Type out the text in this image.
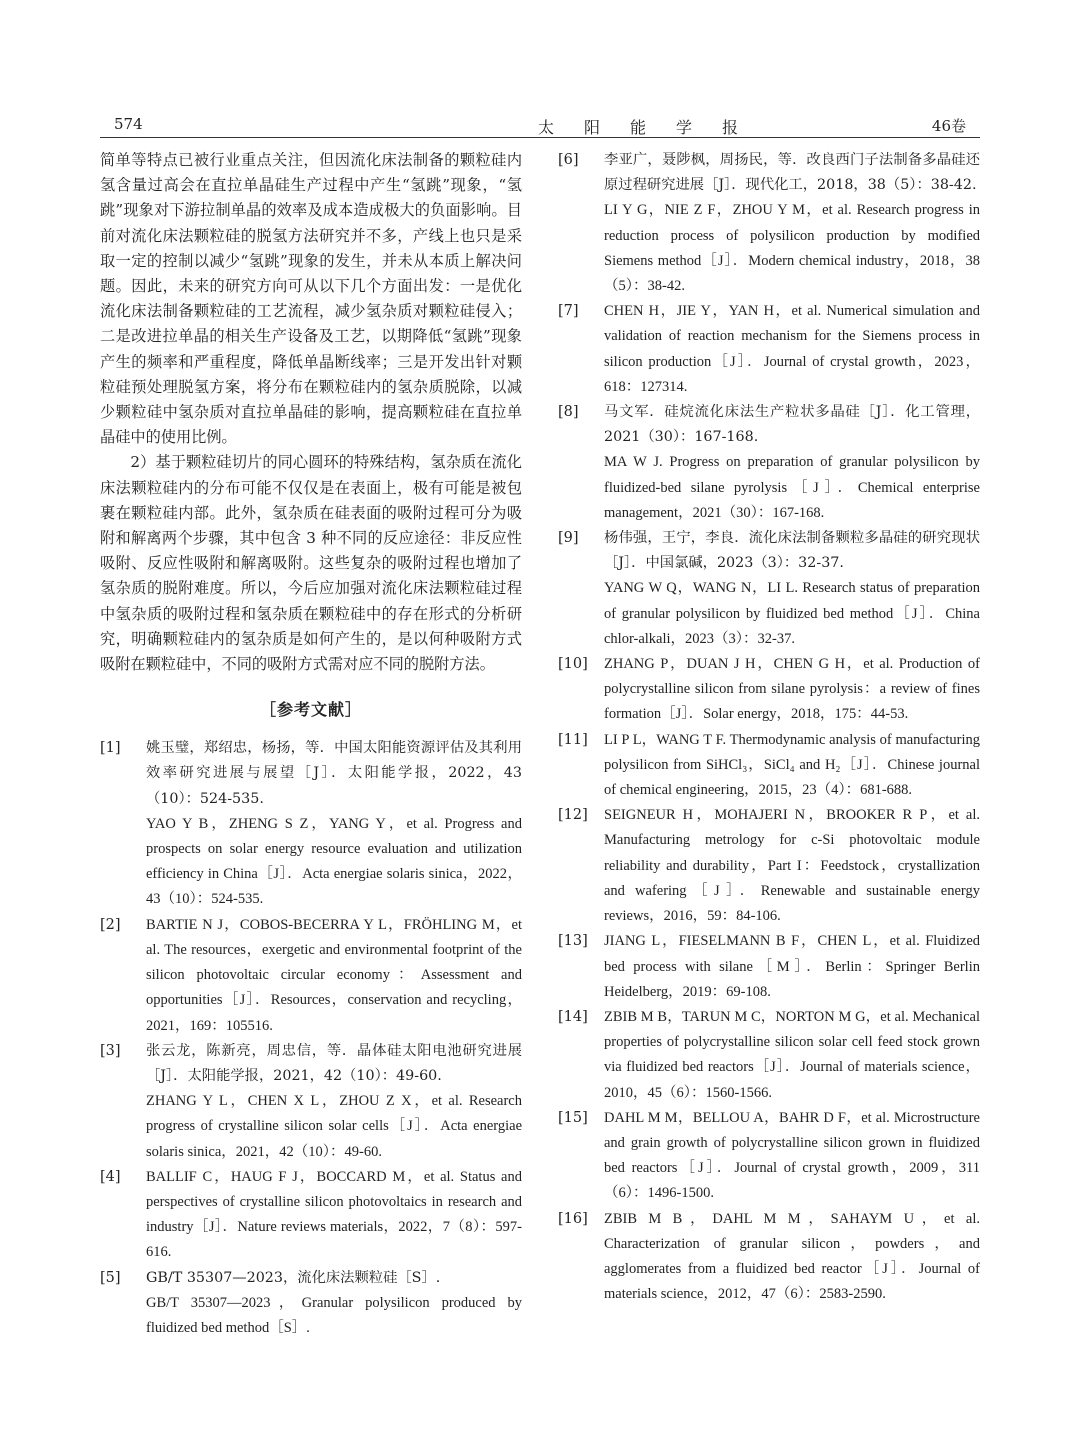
574	太阳能学报	46卷

简单等特点已被行业重点关注，但因流化床法制备的颗粒硅内氢含量过高会在直拉单晶硅生产过程中产生“氢跳”现象，“氢跳”现象对下游拉制单晶的效率及成本造成极大的负面影响。目前对流化床法颗粒硅的脱氢方法研究并不多，产线上也只是采取一定的控制以减少“氢跳”现象的发生，并未从本质上解决问题。因此，未来的研究方向可从以下几个方面出发：一是优化流化床法制备颗粒硅的工艺流程，减少氢杂质对颗粒硅侵入；二是改进拉单晶的相关生产设备及工艺，以期降低“氢跳”现象产生的频率和严重程度，降低单晶断线率；三是开发出针对颗粒硅预处理脱氢方案，将分布在颗粒硅内的氢杂质脱除，以减少颗粒硅中氢杂质对直拉单晶硅的影响，提高颗粒硅在直拉单晶硅中的使用比例。

2）基于颗粒硅切片的同心圆环的特殊结构，氢杂质在流化床法颗粒硅内的分布可能不仅仅是在表面上，极有可能是被包裹在颗粒硅内部。此外，氢杂质在硅表面的吸附过程可分为吸附和解离两个步骤，其中包含 3 种不同的反应途径：非反应性吸附、反应性吸附和解离吸附。这些复杂的吸附过程也增加了氢杂质的脱附难度。所以，今后应加强对流化床法颗粒硅过程中氢杂质的吸附过程和氢杂质在颗粒硅中的存在形式的分析研究，明确颗粒硅内的氢杂质是如何产生的，是以何种吸附方式吸附在颗粒硅中，不同的吸附方式需对应不同的脱附方法。

［参考文献］
[1] 姚玉璧，郑绍忠，杨扬，等．中国太阳能资源评估及其利用效率研究进展与展望［J］．太阳能学报，2022，43（10）：524-535.

YAO Y B，ZHENG S Z，YANG Y，et al. Progress and prospects on solar energy resource evaluation and utilization efficiency in China［J］．Acta energiae solaris sinica，2022，43（10）：524-535.

[2] BARTIE N J，COBOS-BECERRA Y L，FRÖHLING M，et al. The resources，exergetic and environmental footprint of the silicon photovoltaic circular economy：Assessment and opportunities［J］．Resources，conservation and recycling，2021，169：105516.

[3] 张云龙，陈新亮，周忠信，等．晶体硅太阳电池研究进展［J］．太阳能学报，2021，42（10）：49-60.

ZHANG Y L，CHEN X L，ZHOU Z X，et al. Research progress of crystalline silicon solar cells［J］．Acta energiae solaris sinica，2021，42（10）：49-60.

[4] BALLIF C，HAUG F J，BOCCARD M，et al. Status and perspectives of crystalline silicon photovoltaics in research and industry［J］．Nature reviews materials，2022，7（8）：597-616.

[5] GB/T 35307—2023，流化床法颗粒硅［S］.

GB/T 35307—2023，Granular polysilicon produced by fluidized bed method［S］.

[6] 李亚广，聂陟枫，周扬民，等．改良西门子法制备多晶硅还原过程研究进展［J］．现代化工，2018，38（5）：38-42.

LI Y G，NIE Z F，ZHOU Y M，et al. Research progress in reduction process of polysilicon production by modified Siemens method［J］．Modern chemical industry，2018，38（5）：38-42.

[7] CHEN H，JIE Y，YAN H，et al. Numerical simulation and validation of reaction mechanism for the Siemens process in silicon production［J］．Journal of crystal growth，2023，618：127314.

[8] 马文军．硅烷流化床法生产粒状多晶硅［J］．化工管理，2021（30）：167-168.

MA W J. Progress on preparation of granular polysilicon by fluidized-bed silane pyrolysis［J］．Chemical enterprise management，2021（30）：167-168.

[9] 杨伟强，王宁，李良．流化床法制备颗粒多晶硅的研究现状［J］．中国氯碱，2023（3）：32-37.

YANG W Q，WANG N，LI L. Research status of preparation of granular polysilicon by fluidized bed method［J］．China chlor-alkali，2023（3）：32-37.

[10] ZHANG P，DUAN J H，CHEN G H，et al. Production of polycrystalline silicon from silane pyrolysis：a review of fines formation［J］．Solar energy，2018，175：44-53.

[11] LI P L，WANG T F. Thermodynamic analysis of manufacturing polysilicon from SiHCl₃，SiCl₄ and H₂［J］．Chinese journal of chemical engineering，2015，23（4）：681-688.

[12] SEIGNEUR H，MOHAJERI N，BROOKER R P，et al. Manufacturing metrology for c-Si photovoltaic module reliability and durability，Part I：Feedstock，crystallization and wafering［J］．Renewable and sustainable energy reviews，2016，59：84-106.

[13] JIANG L，FIESELMANN B F，CHEN L，et al. Fluidized bed process with silane［M］．Berlin：Springer Berlin Heidelberg，2019：69-108.

[14] ZBIB M B，TARUN M C，NORTON M G，et al. Mechanical properties of polycrystalline silicon solar cell feed stock grown via fluidized bed reactors［J］．Journal of materials science，2010，45（6）：1560-1566.

[15] DAHL M M，BELLOU A，BAHR D F，et al. Microstructure and grain growth of polycrystalline silicon grown in fluidized bed reactors［J］．Journal of crystal growth，2009，311（6）：1496-1500.

[16] ZBIB M B，DAHL M M，SAHAYM U，et al. Characterization of granular silicon，powders，and agglomerates from a fluidized bed reactor［J］．Journal of materials science，2012，47（6）：2583-2590.
